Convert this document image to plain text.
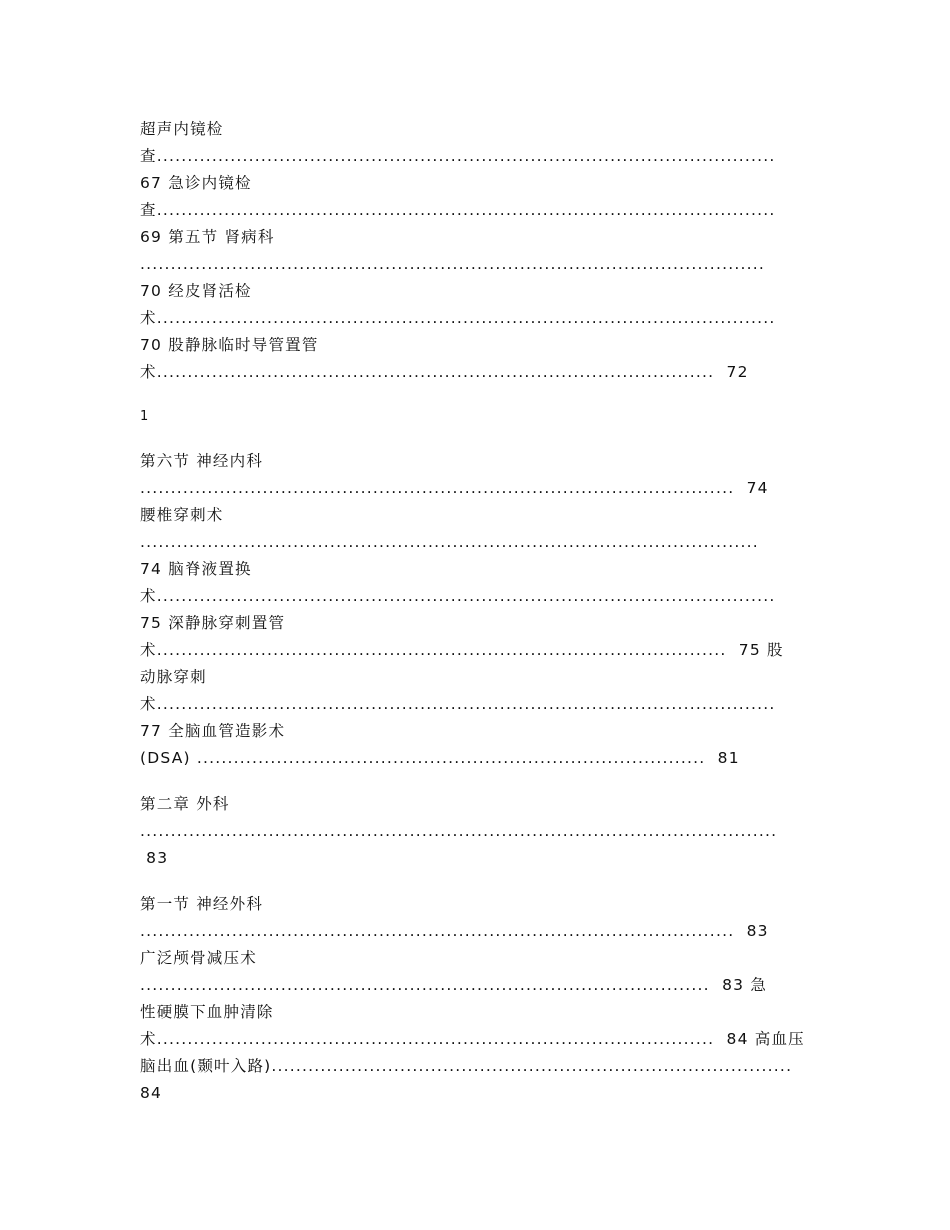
超声内镜检
查.....................................................................................................
67 急诊内镜检
查.....................................................................................................
69 第五节 肾病科
......................................................................................................
70 经皮肾活检
术.....................................................................................................
70 股静脉临时导管置管
术...........................................................................................  72
1
第六节 神经内科
.................................................................................................  74
腰椎穿刺术
.....................................................................................................
74 脑脊液置换
术.....................................................................................................
75 深静脉穿刺置管
术.............................................................................................  75 股
动脉穿刺
术.....................................................................................................
77 全脑血管造影术
(DSA) ...................................................................................  81
第二章 外科
........................................................................................................
83
第一节 神经外科
.................................................................................................  83
广泛颅骨减压术
.............................................................................................  83 急
性硬膜下血肿清除
术...........................................................................................  84 高血压
脑出血(颞叶入路).....................................................................................
84
